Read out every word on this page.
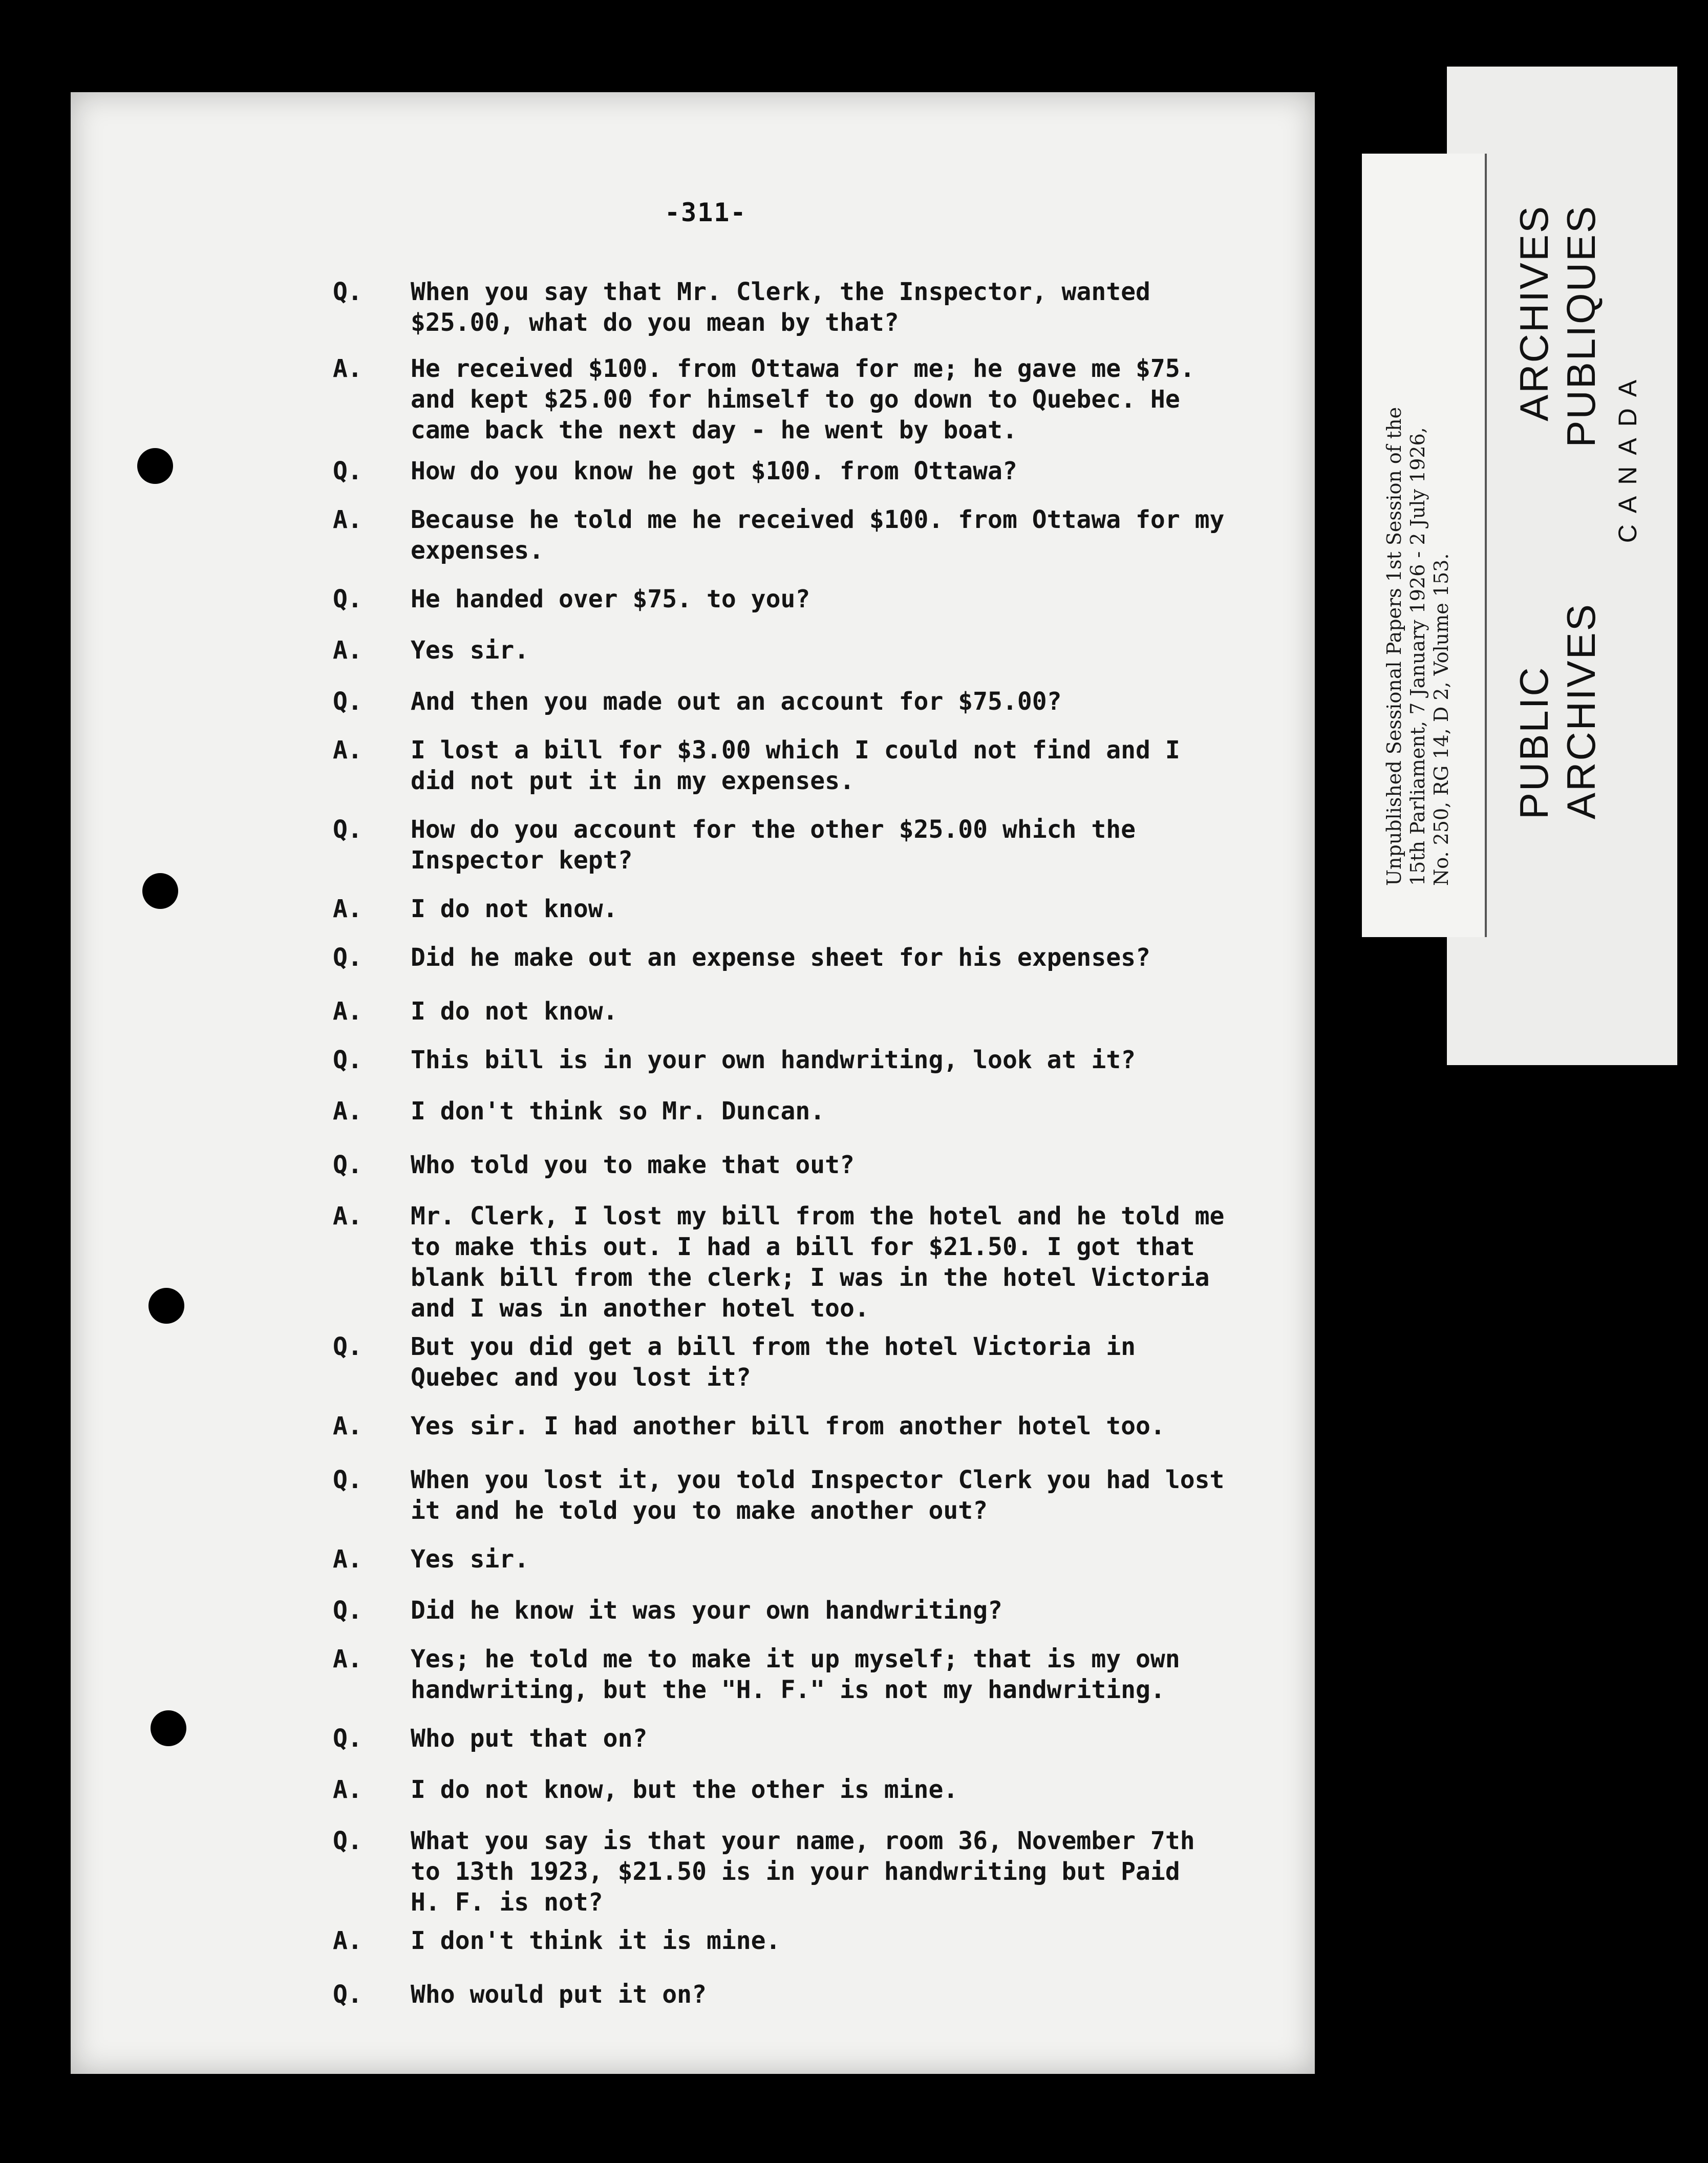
-311-
Q. When you say that Mr. Clerk, the Inspector, wanted
$25.00, what do you mean by that?
A. He received $100. from Ottawa for me; he gave me $75.
and kept $25.00 for himself to go down to Quebec. He
came back the next day - he went by boat.
Q. How do you know he got $100. from Ottawa?
A. Because he told me he received $100. from Ottawa for my
expenses.
Q. He handed over $75. to you?
A. Yes sir.
Q. And then you made out an account for $75.00?
A. I lost a bill for $3.00 which I could not find and I
did not put it in my expenses.
Q. How do you account for the other $25.00 which the
Inspector kept?
A. I do not know.
Q. Did he make out an expense sheet for his expenses?
A. I do not know.
Q. This bill is in your own handwriting, look at it?
A. I don't think so Mr. Duncan.
Q. Who told you to make that out?
A. Mr. Clerk, I lost my bill from the hotel and he told me
to make this out. I had a bill for $21.50. I got that
blank bill from the clerk; I was in the hotel Victoria
and I was in another hotel too.
Q. But you did get a bill from the hotel Victoria in
Quebec and you lost it?
A. Yes sir. I had another bill from another hotel too.
Q. When you lost it, you told Inspector Clerk you had lost
it and he told you to make another out?
A. Yes sir.
Q. Did he know it was your own handwriting?
A. Yes; he told me to make it up myself; that is my own
handwriting, but the "H. F." is not my handwriting.
Q. Who put that on?
A. I do not know, but the other is mine.
Q. What you say is that your name, room 36, November 7th
to 13th 1923, $21.50 is in your handwriting but Paid
H. F. is not?
A. I don't think it is mine.
Q. Who would put it on?
Unpublished Sessional Papers 1st Session of the 15th Parliament, 7 January 1926 - 2 July 1926, No. 250, RG 14, D 2, Volume 153. PUBLIC
ARCHIVES
ARCHIVES
PUBLIQUES
CANADA
